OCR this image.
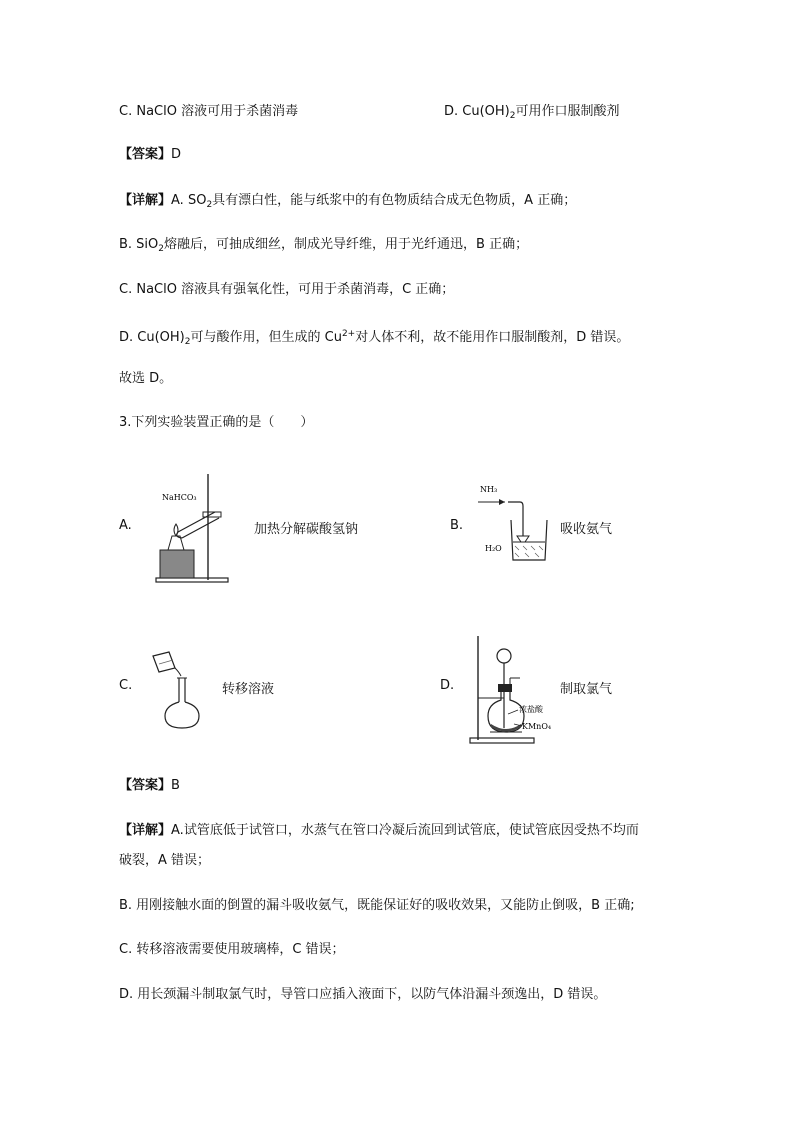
C. NaClO 溶液可用于杀菌消毒	D. $Cu(OH)_2$可用作口服制酸剂
【答案】D
【详解】A. $SO_2$具有漂白性，能与纸浆中的有色物质结合成无色物质，A 正确；
B. SiO$_2$熔融后，可抽成细丝，制成光导纤维，用于光纤通迅，B 正确；
C. NaClO 溶液具有强氧化性，可用于杀菌消毒，C 正确；
D. $Cu(OH)_2$可与酸作用，但生成的 $Cu^{2+}$对人体不利，故不能用作口服制酸剂，D 错误。
故选 D。
3.下列实验装置正确的是（　　）
A.
NaHCO₃
加热分解碳酸氢钠	B.
NH₃
H₂O
吸收氨气
C.	转移溶液	D.
浓盐酸
KMnO₄
制取氯气
【答案】B
【详解】A.试管底低于试管口，水蒸气在管口冷凝后流回到试管底，使试管底因受热不均而
破裂，A 错误；
B. 用刚接触水面的倒置的漏斗吸收氨气，既能保证好的吸收效果，又能防止倒吸，B 正确;
C. 转移溶液需要使用玻璃棒，C 错误；
D. 用长颈漏斗制取氯气时，导管口应插入液面下，以防气体沿漏斗颈逸出，D 错误。
